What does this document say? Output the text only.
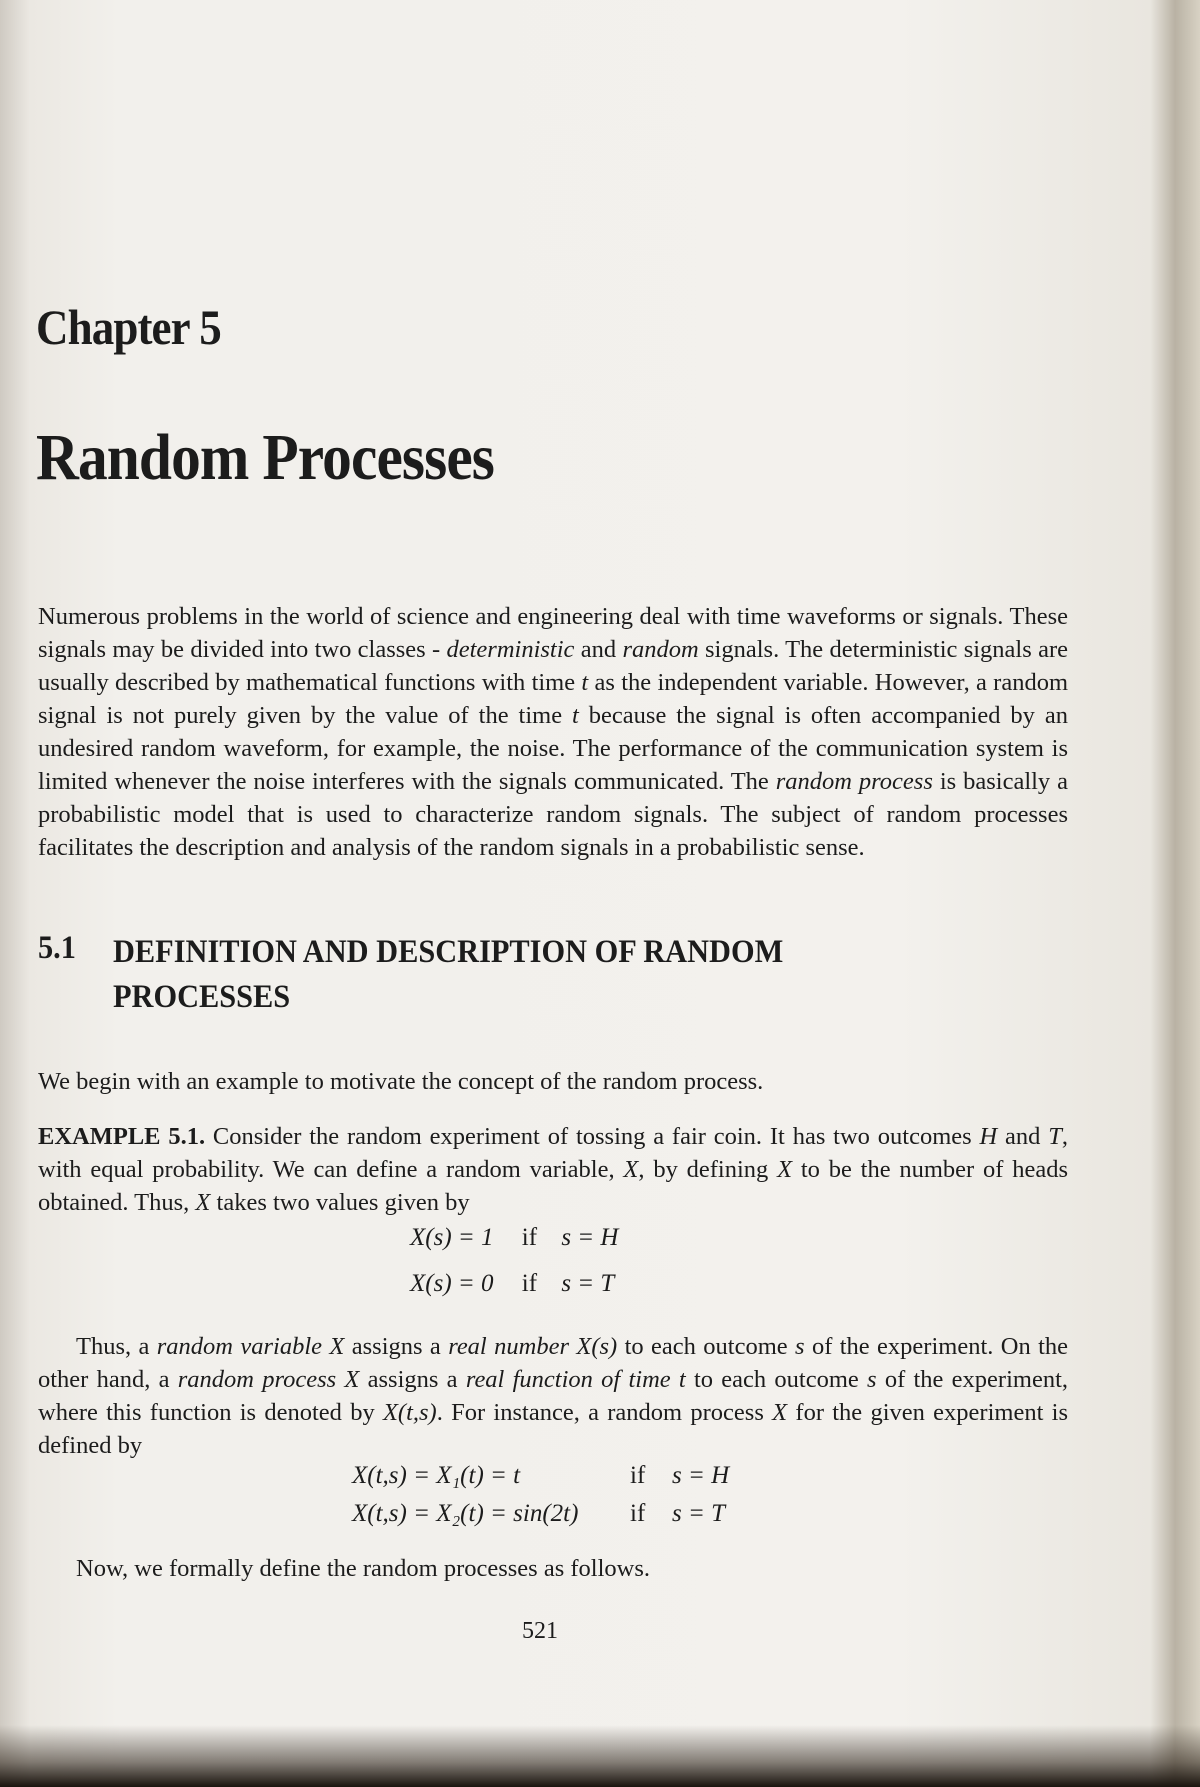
Chapter 5
Random Processes
Numerous problems in the world of science and engineering deal with time waveforms or signals. These signals may be divided into two classes - deterministic and random signals. The deterministic signals are usually described by mathematical functions with time t as the independent variable. However, a random signal is not purely given by the value of the time t because the signal is often accompanied by an undesired random waveform, for example, the noise. The performance of the communication system is limited whenever the noise interferes with the signals communicated. The random process is basically a probabilistic model that is used to characterize random signals. The subject of random processes facilitates the description and analysis of the random signals in a probabilistic sense.
5.1 DEFINITION AND DESCRIPTION OF RANDOM PROCESSES
We begin with an example to motivate the concept of the random process.
EXAMPLE 5.1. Consider the random experiment of tossing a fair coin. It has two outcomes H and T, with equal probability. We can define a random variable, X, by defining X to be the number of heads obtained. Thus, X takes two values given by
X(s) = 1 if s = H
X(s) = 0 if s = T
Thus, a random variable X assigns a real number X(s) to each outcome s of the experiment. On the other hand, a random process X assigns a real function of time t to each outcome s of the experiment, where this function is denoted by X(t,s). For instance, a random process X for the given experiment is defined by
X(t,s) = X₁(t) = t	if s = H
X(t,s) = X₂(t) = sin(2t) if s = T
Now, we formally define the random processes as follows.
521
